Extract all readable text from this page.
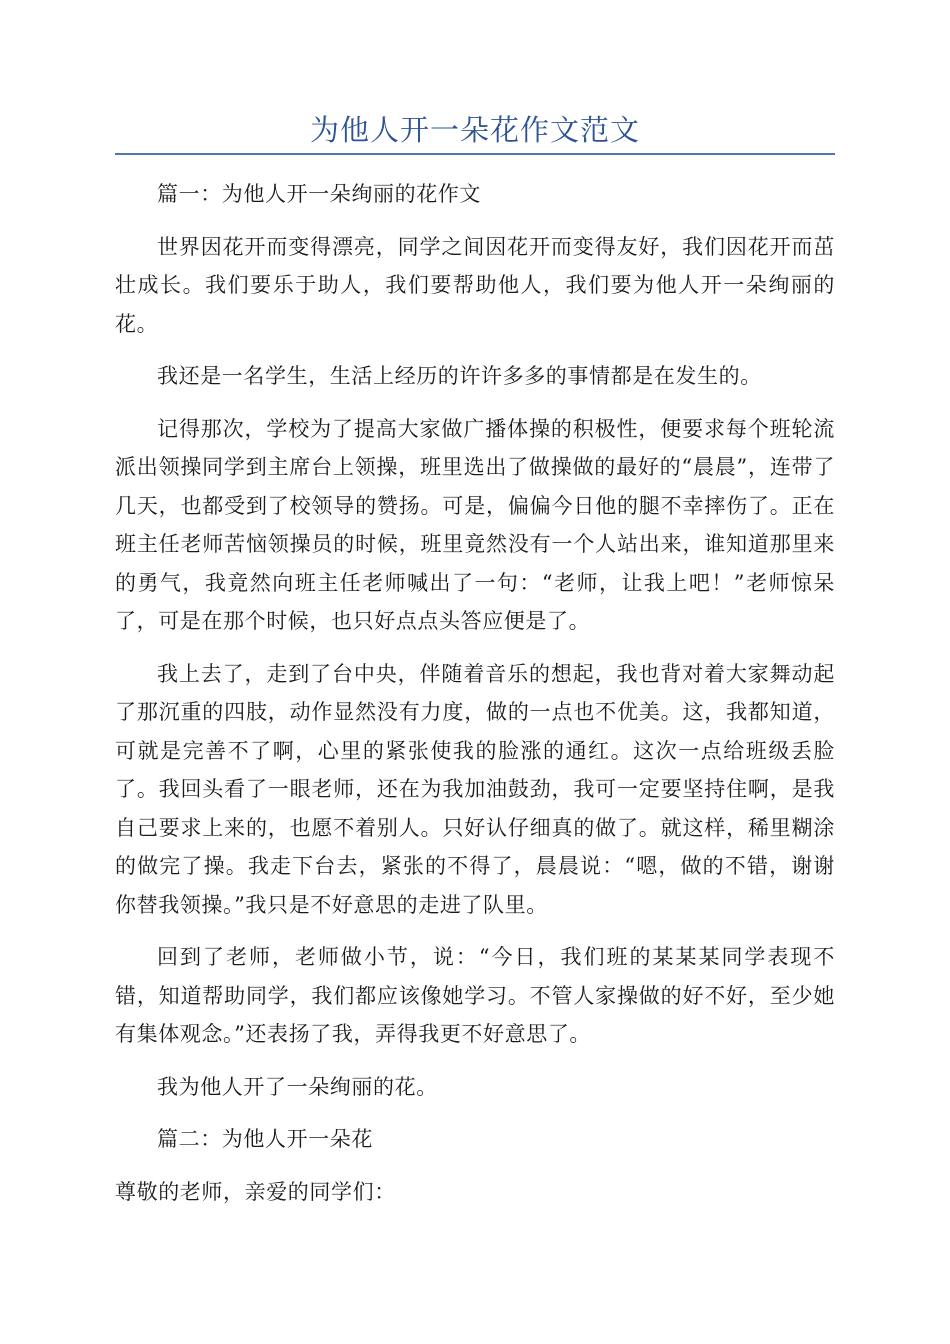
为他人开一朵花作文范文

篇一：为他人开一朵绚丽的花作文

世界因花开而变得漂亮，同学之间因花开而变得友好，我们因花开而茁壮成长。我们要乐于助人，我们要帮助他人，我们要为他人开一朵绚丽的花。

我还是一名学生，生活上经历的许许多多的事情都是在发生的。

记得那次，学校为了提高大家做广播体操的积极性，便要求每个班轮流派出领操同学到主席台上领操，班里选出了做操做的最好的“晨晨”，连带了几天，也都受到了校领导的赞扬。可是，偏偏今日他的腿不幸摔伤了。正在班主任老师苦恼领操员的时候，班里竟然没有一个人站出来，谁知道那里来的勇气，我竟然向班主任老师喊出了一句：“老师，让我上吧！”老师惊呆了，可是在那个时候，也只好点点头答应便是了。

我上去了，走到了台中央，伴随着音乐的想起，我也背对着大家舞动起了那沉重的四肢，动作显然没有力度，做的一点也不优美。这，我都知道，可就是完善不了啊，心里的紧张使我的脸涨的通红。这次一点给班级丢脸了。我回头看了一眼老师，还在为我加油鼓劲，我可一定要坚持住啊，是我自己要求上来的，也愿不着别人。只好认仔细真的做了。就这样，稀里糊涂的做完了操。我走下台去，紧张的不得了，晨晨说：“嗯，做的不错，谢谢你替我领操。”我只是不好意思的走进了队里。

回到了老师，老师做小节，说：“今日，我们班的某某某同学表现不错，知道帮助同学，我们都应该像她学习。不管人家操做的好不好，至少她有集体观念。”还表扬了我，弄得我更不好意思了。

我为他人开了一朵绚丽的花。

篇二：为他人开一朵花

尊敬的老师，亲爱的同学们：
